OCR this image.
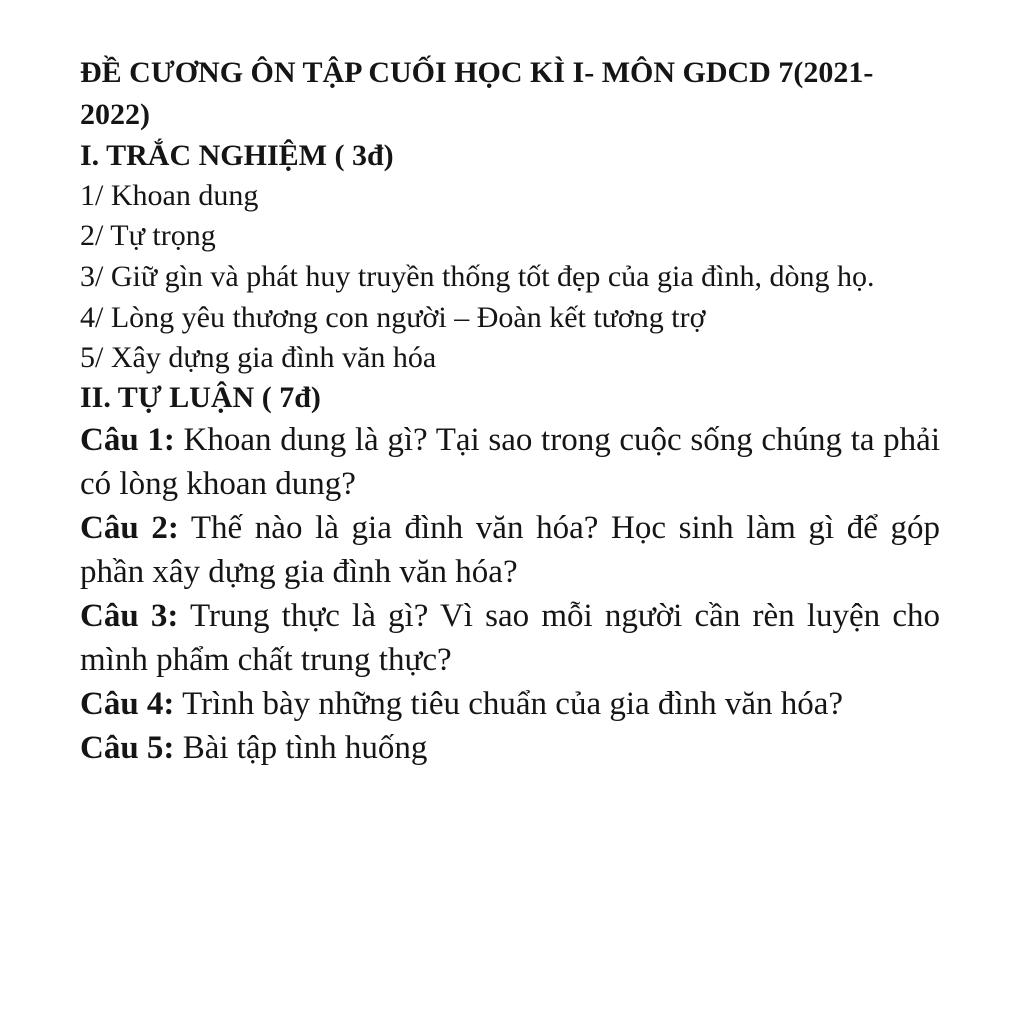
ĐỀ CƯƠNG ÔN TẬP CUỐI HỌC KÌ I- MÔN GDCD 7(2021-2022)
I. TRẮC NGHIỆM ( 3đ)
1/ Khoan dung
2/ Tự trọng
3/ Giữ gìn và phát huy truyền thống tốt đẹp của gia đình, dòng họ.
4/ Lòng yêu thương con người – Đoàn kết tương trợ
5/ Xây dựng gia đình văn hóa
II. TỰ LUẬN ( 7đ)
Câu 1: Khoan dung là gì? Tại sao trong cuộc sống chúng ta phải có lòng khoan dung?
Câu 2: Thế nào là gia đình văn hóa? Học sinh làm gì để góp phần xây dựng gia đình văn hóa?
Câu 3: Trung thực là gì? Vì sao mỗi người cần rèn luyện cho mình phẩm chất trung thực?
Câu 4: Trình bày những tiêu chuẩn của gia đình văn hóa?
Câu 5: Bài tập tình huống
